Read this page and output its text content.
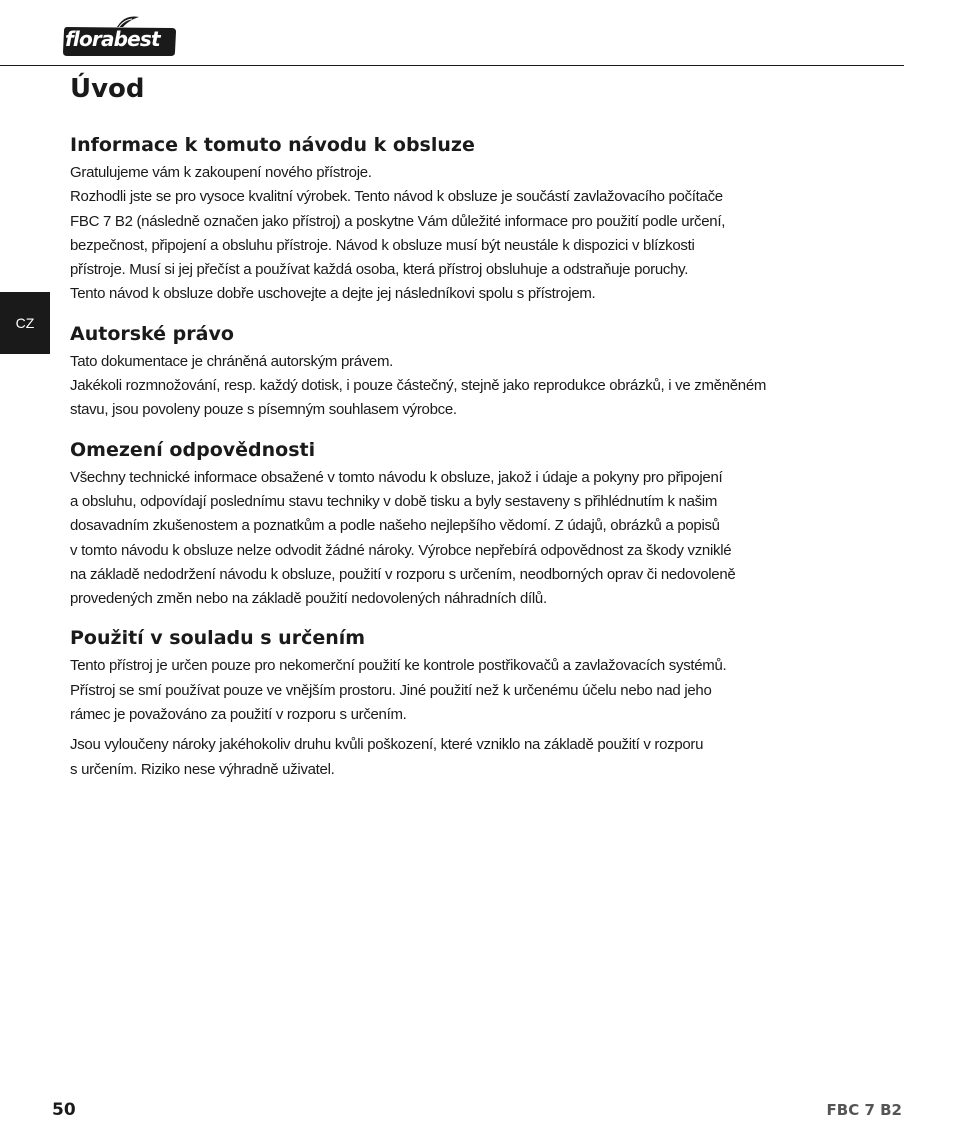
florabest
CZ
Úvod
Informace k tomuto návodu k obsluze

Gratulujeme vám k zakoupení nového přístroje.
Rozhodli jste se pro vysoce kvalitní výrobek. Tento návod k obsluze je součástí zavlažovacího počítače
FBC 7 B2 (následně označen jako přístroj) a poskytne Vám důležité informace pro použití podle určení,
bezpečnost, připojení a obsluhu přístroje. Návod k obsluze musí být neustále k dispozici v blízkosti
přístroje. Musí si jej přečíst a používat každá osoba, která přístroj obsluhuje a odstraňuje poruchy.
Tento návod k obsluze dobře uschovejte a dejte jej následníkovi spolu s přístrojem.

Autorské právo

Tato dokumentace je chráněná autorským právem.
Jakékoli rozmnožování, resp. každý dotisk, i pouze částečný, stejně jako reprodukce obrázků, i ve změněném
stavu, jsou povoleny pouze s písemným souhlasem výrobce.

Omezení odpovědnosti

Všechny technické informace obsažené v tomto návodu k obsluze, jakož i údaje a pokyny pro připojení
a obsluhu, odpovídají poslednímu stavu techniky v době tisku a byly sestaveny s přihlédnutím k našim
dosavadním zkušenostem a poznatkům a podle našeho nejlepšího vědomí. Z údajů, obrázků a popisů
v tomto návodu k obsluze nelze odvodit žádné nároky. Výrobce nepřebírá odpovědnost za škody vzniklé
na základě nedodržení návodu k obsluze, použití v rozporu s určením, neodborných oprav či nedovoleně
provedených změn nebo na základě použití nedovolených náhradních dílů.

Použití v souladu s určením

Tento přístroj je určen pouze pro nekomerční použití ke kontrole postřikovačů a zavlažovacích systémů.
Přístroj se smí používat pouze ve vnějším prostoru. Jiné použití než k určenému účelu nebo nad jeho
rámec je považováno za použití v rozporu s určením.

Jsou vyloučeny nároky jakéhokoliv druhu kvůli poškození, které vzniklo na základě použití v rozporu
s určením. Riziko nese výhradně uživatel.

50	FBC 7 B2
